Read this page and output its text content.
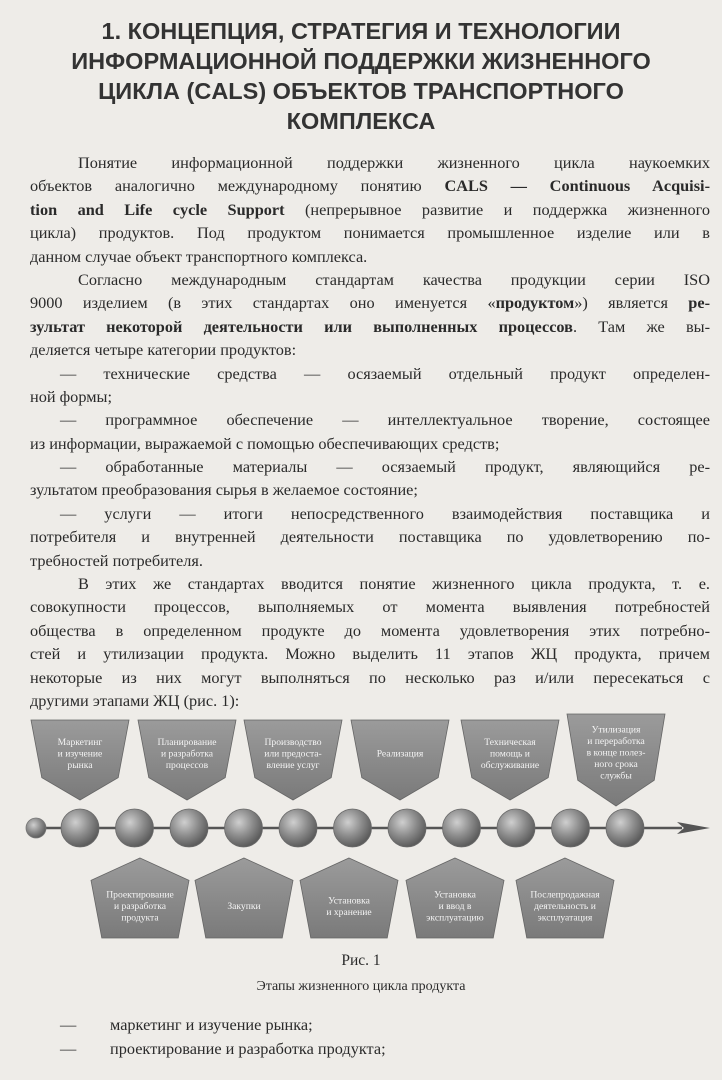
1. КОНЦЕПЦИЯ, СТРАТЕГИЯ И ТЕХНОЛОГИИ
ИНФОРМАЦИОННОЙ ПОДДЕРЖКИ ЖИЗНЕННОГО
ЦИКЛА (CALS) ОБЪЕКТОВ ТРАНСПОРТНОГО
КОМПЛЕКСА
Понятие информационной поддержки жизненного цикла наукоемких
объектов аналогично международному понятию CALS — Continuous Acquisi-
tion and Life cycle Support (непрерывное развитие и поддержка жизненного
цикла) продуктов. Под продуктом понимается промышленное изделие или в
данном случае объект транспортного комплекса.
Согласно международным стандартам качества продукции серии ISO
9000 изделием (в этих стандартах оно именуется «продуктом») является ре-
зультат некоторой деятельности или выполненных процессов. Там же вы-
деляется четыре категории продуктов:
— технические средства — осязаемый отдельный продукт определен-
ной формы;
— программное обеспечение — интеллектуальное творение, состоящее
из информации, выражаемой с помощью обеспечивающих средств;
— обработанные материалы — осязаемый продукт, являющийся ре-
зультатом преобразования сырья в желаемое состояние;
— услуги — итоги непосредственного взаимодействия поставщика и
потребителя и внутренней деятельности поставщика по удовлетворению по-
требностей потребителя.
В этих же стандартах вводится понятие жизненного цикла продукта, т. е.
совокупности процессов, выполняемых от момента выявления потребностей
общества в определенном продукте до момента удовлетворения этих потребно-
стей и утилизации продукта. Можно выделить 11 этапов ЖЦ продукта, причем
некоторые из них могут выполняться по несколько раз и/или пересекаться с
другими этапами ЖЦ (рис. 1):
Маркетинг и изучение рынка
Планирование и разработка процессов
Производство или предоста-вление услуг
Реализация
Техническая помощь и обслуживание
Утилизация и переработка в конце полез-ного срока службы
Проектирование и разработка продукта
Закупки
Установка и хранение
Установка и ввод в эксплуатацию
Послепродажная деятельность и эксплуатация
Рис. 1
Этапы жизненного цикла продукта
— маркетинг и изучение рынка;
— проектирование и разработка продукта;
